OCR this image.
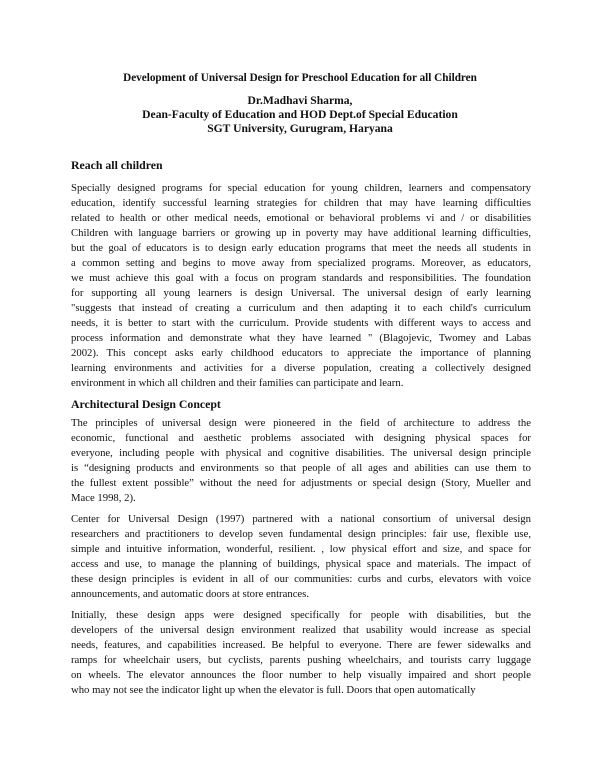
Development of Universal Design for Preschool Education for all Children
Dr.Madhavi Sharma,
Dean-Faculty of Education and HOD Dept.of Special Education
SGT University, Gurugram, Haryana
Reach all children
Specially designed programs for special education for young children, learners and compensatory
education, identify successful learning strategies for children that may have learning difficulties
related to health or other medical needs, emotional or behavioral problems vi and / or disabilities
Children with language barriers or growing up in poverty may have additional learning difficulties,
but the goal of educators is to design early education programs that meet the needs all students in
a common setting and begins to move away from specialized programs. Moreover, as educators,
we must achieve this goal with a focus on program standards and responsibilities. The foundation
for supporting all young learners is design Universal. The universal design of early learning
"suggests that instead of creating a curriculum and then adapting it to each child's curriculum
needs, it is better to start with the curriculum. Provide students with different ways to access and
process information and demonstrate what they have learned " (Blagojevic, Twomey and Labas
2002). This concept asks early childhood educators to appreciate the importance of planning
learning environments and activities for a diverse population, creating a collectively designed
environment in which all children and their families can participate and learn.
Architectural Design Concept
The principles of universal design were pioneered in the field of architecture to address the
economic, functional and aesthetic problems associated with designing physical spaces for
everyone, including people with physical and cognitive disabilities. The universal design principle
is “designing products and environments so that people of all ages and abilities can use them to
the fullest extent possible” without the need for adjustments or special design (Story, Mueller and
Mace 1998, 2).
Center for Universal Design (1997) partnered with a national consortium of universal design
researchers and practitioners to develop seven fundamental design principles: fair use, flexible use,
simple and intuitive information, wonderful, resilient. , low physical effort and size, and space for
access and use, to manage the planning of buildings, physical space and materials. The impact of
these design principles is evident in all of our communities: curbs and curbs, elevators with voice
announcements, and automatic doors at store entrances.
Initially, these design apps were designed specifically for people with disabilities, but the
developers of the universal design environment realized that usability would increase as special
needs, features, and capabilities increased. Be helpful to everyone. There are fewer sidewalks and
ramps for wheelchair users, but cyclists, parents pushing wheelchairs, and tourists carry luggage
on wheels. The elevator announces the floor number to help visually impaired and short people
who may not see the indicator light up when the elevator is full. Doors that open automatically
